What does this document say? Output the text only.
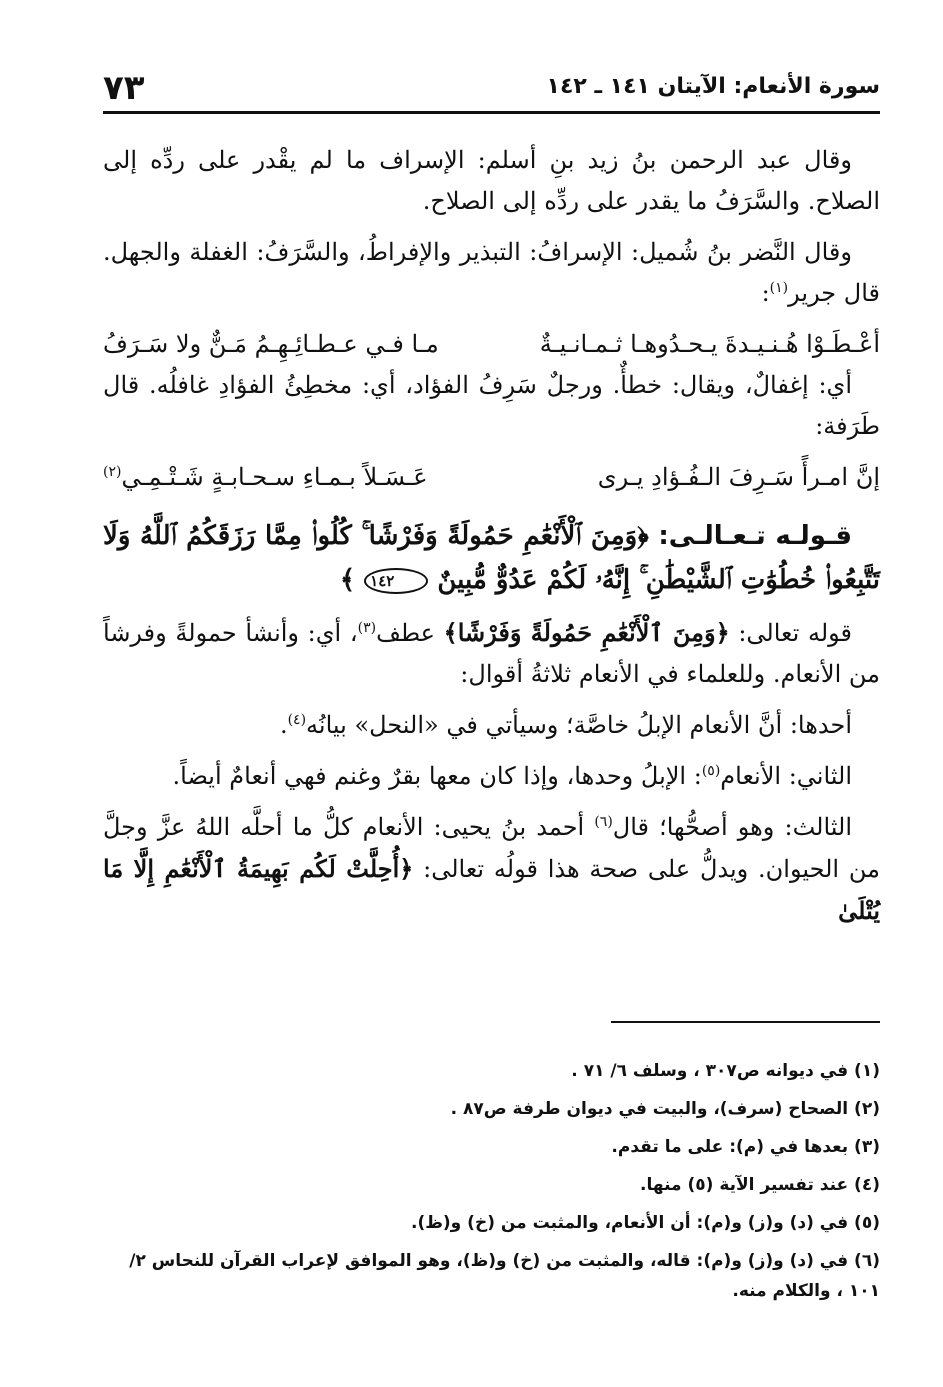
سورة الأنعام: الآيتان ١٤١ ـ ١٤٢
٧٣

وقال عبد الرحمن بنُ زيد بنِ أسلم: الإسراف ما لم يقْدر على ردِّه إلى الصلاح. والسَّرَفُ ما يقدر على ردِّه إلى الصلاح.

وقال النَّضر بنُ شُميل: الإسرافُ: التبذير والإفراطُ، والسَّرَفُ: الغفلة والجهل. قال جرير$^{(١)}$:

أعْـطَـوْا هُـنـيـدةَ يـحـدُوهـا ثـمـانـيـةٌ
مـا فـي عـطـائِـهِـمُ مَـنٌّ ولا سَـرَفُ

أي: إغفالٌ، ويقال: خطأٌ. ورجلٌ سَرِفُ الفؤاد، أي: مخطِئُ الفؤادِ غافلُه. قال طَرَفة:

إنَّ امـرأً سَـرِفَ الـفُـؤادِ يـرى
عَـسَـلاً بـمـاءِ سـحـابـةٍ شَـتْـمِـي$^{(٢)}$
قـولـه تـعـالـى: ﴿وَمِنَ ٱلْأَنْعَٰمِ حَمُولَةً وَفَرْشًا ۚ كُلُوا۟ مِمَّا رَزَقَكُمُ ٱللَّهُ وَلَا تَتَّبِعُوا۟ خُطُوَٰتِ ٱلشَّيْطَٰنِ ۚ إِنَّهُۥ لَكُمْ عَدُوٌّ مُّبِينٌ ١٤٢ ﴾

قوله تعالى: ﴿وَمِنَ ٱلْأَنْعَٰمِ حَمُولَةً وَفَرْشًا﴾ عطف$^{(٣)}$، أي: وأنشأ حمولةً وفرشاً من الأنعام. وللعلماء في الأنعام ثلاثةُ أقوال:

أحدها: أنَّ الأنعام الإبلُ خاصَّة؛ وسيأتي في «النحل» بيانُه$^{(٤)}$.

الثاني: الأنعام$^{(٥)}$: الإبلُ وحدها، وإذا كان معها بقرٌ وغنم فهي أنعامٌ أيضاً.

الثالث: وهو أصحُّها؛ قال$^{(٦)}$ أحمد بنُ يحيى: الأنعام كلُّ ما أحلَّه اللهُ عزَّ وجلَّ من الحيوان. ويدلُّ على صحة هذا قولُه تعالى: ﴿أُحِلَّتْ لَكُم بَهِيمَةُ ٱلْأَنْعَٰمِ إِلَّا مَا يُتْلَىٰ

(١) في ديوانه ص٣٠٧ ، وسلف ٦/ ٧١ .

(٢) الصحاح (سرف)، والبيت في ديوان طرفة ص٨٧ .

(٣) بعدها في (م): على ما تقدم.

(٤) عند تفسير الآية (٥) منها.

(٥) في (د) و(ز) و(م): أن الأنعام، والمثبت من (خ) و(ظ).

(٦) في (د) و(ز) و(م): قاله، والمثبت من (خ) و(ظ)، وهو الموافق لإعراب القرآن للنحاس ٢/ ١٠١ ، والكلام منه.
